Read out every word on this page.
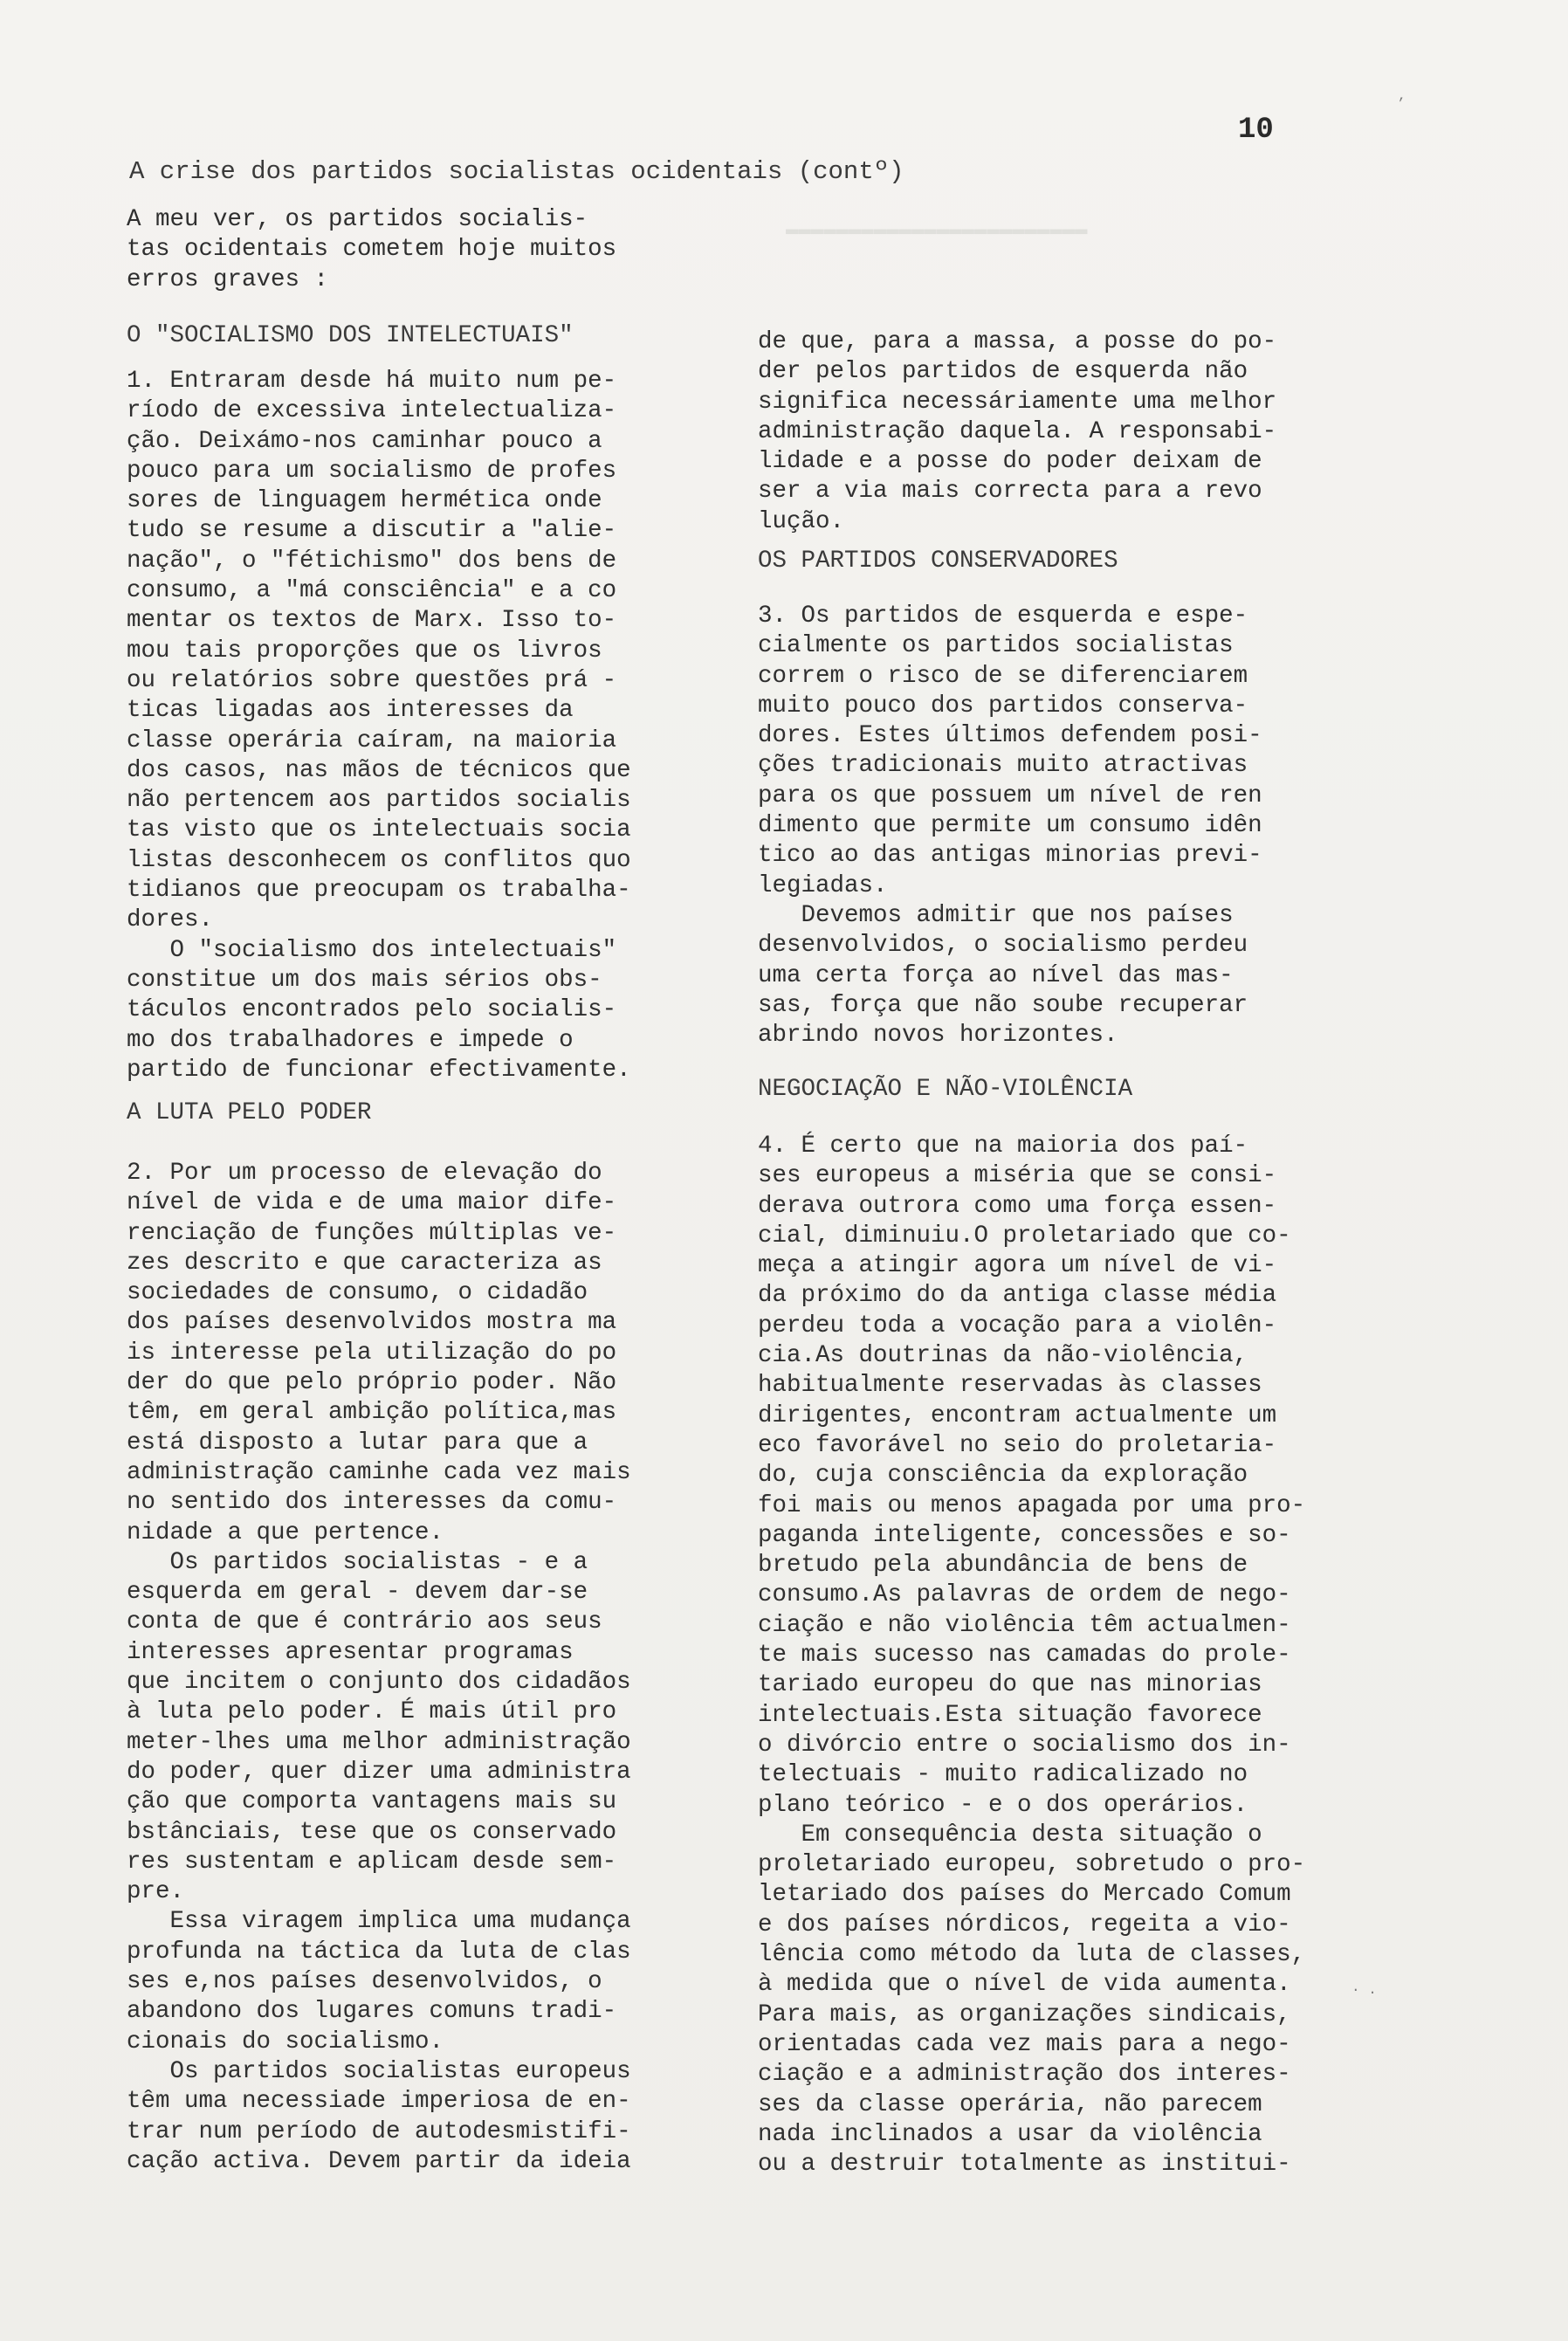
▬▬▬▬▬▬▬▬▬▬▬▬▬▬▬▬▬▬▬▬▬▬▬▬

10
A crise dos partidos socialistas ocidentais (contº)
A meu ver, os partidos socialis-
tas ocidentais cometem hoje muitos
erros graves :
O "SOCIALISMO DOS INTELECTUAIS"
1. Entraram desde há muito num pe-
ríodo de excessiva intelectualiza-
ção. Deixámo-nos caminhar pouco a
pouco para um socialismo de profes
sores de linguagem hermética onde
tudo se resume a discutir a "alie-
nação", o "fétichismo" dos bens de
consumo, a "má consciência" e a co
mentar os textos de Marx. Isso to-
mou tais proporções que os livros
ou relatórios sobre questões prá -
ticas ligadas aos interesses da
classe operária caíram, na maioria
dos casos, nas mãos de técnicos que
não pertencem aos partidos socialis
tas visto que os intelectuais socia
listas desconhecem os conflitos quo
tidianos que preocupam os trabalha-
dores.
O "socialismo dos intelectuais"
constitue um dos mais sérios obs-
táculos encontrados pelo socialis-
mo dos trabalhadores e impede o
partido de funcionar efectivamente.
A LUTA PELO PODER
2. Por um processo de elevação do
nível de vida e de uma maior dife-
renciação de funções múltiplas ve-
zes descrito e que caracteriza as
sociedades de consumo, o cidadão
dos países desenvolvidos mostra ma
is interesse pela utilização do po
der do que pelo próprio poder. Não
têm, em geral ambição política,mas
está disposto a lutar para que a
administração caminhe cada vez mais
no sentido dos interesses da comu-
nidade a que pertence.
Os partidos socialistas - e a
esquerda em geral - devem dar-se
conta de que é contrário aos seus
interesses apresentar programas
que incitem o conjunto dos cidadãos
à luta pelo poder. É mais útil pro
meter-lhes uma melhor administração
do poder, quer dizer uma administra
ção que comporta vantagens mais su
bstânciais, tese que os conservado
res sustentam e aplicam desde sem-
pre.
Essa viragem implica uma mudança
profunda na táctica da luta de clas
ses e,nos países desenvolvidos, o
abandono dos lugares comuns tradi-
cionais do socialismo.
Os partidos socialistas europeus
têm uma necessiade imperiosa de en-
trar num período de autodesmistifi-
cação activa. Devem partir da ideia
de que, para a massa, a posse do po-
der pelos partidos de esquerda não
significa necessáriamente uma melhor
administração daquela. A responsabi-
lidade e a posse do poder deixam de
ser a via mais correcta para a revo
lução.
OS PARTIDOS CONSERVADORES
3. Os partidos de esquerda e espe-
cialmente os partidos socialistas
correm o risco de se diferenciarem
muito pouco dos partidos conserva-
dores. Estes últimos defendem posi-
ções tradicionais muito atractivas
para os que possuem um nível de ren
dimento que permite um consumo idên
tico ao das antigas minorias previ-
legiadas.
Devemos admitir que nos países
desenvolvidos, o socialismo perdeu
uma certa força ao nível das mas-
sas, força que não soube recuperar
abrindo novos horizontes.
NEGOCIAÇÃO E NÃO-VIOLÊNCIA
4. É certo que na maioria dos paí-
ses europeus a miséria que se consi-
derava outrora como uma força essen-
cial, diminuiu.O proletariado que co-
meça a atingir agora um nível de vi-
da próximo do da antiga classe média
perdeu toda a vocação para a violên-
cia.As doutrinas da não-violência,
habitualmente reservadas às classes
dirigentes, encontram actualmente um
eco favorável no seio do proletaria-
do, cuja consciência da exploração
foi mais ou menos apagada por uma pro-
paganda inteligente, concessões e so-
bretudo pela abundância de bens de
consumo.As palavras de ordem de nego-
ciação e não violência têm actualmen-
te mais sucesso nas camadas do prole-
tariado europeu do que nas minorias
intelectuais.Esta situação favorece
o divórcio entre o socialismo dos in-
telectuais - muito radicalizado no
plano teórico - e o dos operários.
Em consequência desta situação o
proletariado europeu, sobretudo o pro-
letariado dos países do Mercado Comum
e dos países nórdicos, regeita a vio-
lência como método da luta de classes,
à medida que o nível de vida aumenta.
Para mais, as organizações sindicais,
orientadas cada vez mais para a nego-
ciação e a administração dos interes-
ses da classe operária, não parecem
nada inclinados a usar da violência
ou a destruir totalmente as institui-
’
· .
